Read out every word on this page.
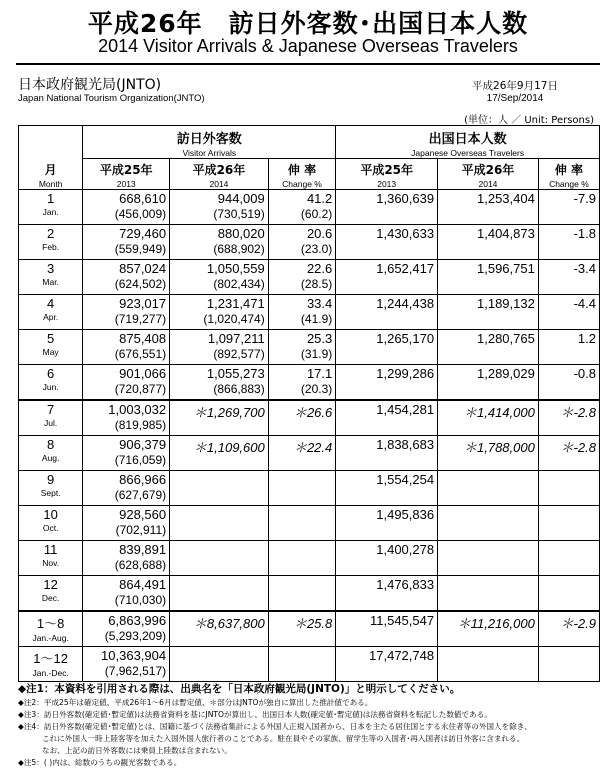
平成26年　訪日外客数･出国日本人数
2014 Visitor Arrivals & Japanese Overseas Travelers
日本政府観光局(JNTO)
Japan National Tourism Organization(JNTO)
平成26年9月17日
17/Sep/2014
(単位：人 ／ Unit: Persons)

	訪日外客数
Visitor Arrivals			出国日本人数
Japanese Overseas Travelers		

月
Month	平成25年
2013	平成26年
2014	伸 率
Change %	平成25年
2013	平成26年
2014	伸 率
Change %

1
Jan.	668,610
(456,009)	944,009
(730,519)	41.2
(60.2)	1,360,639	1,253,404	-7.9

2
Feb.	729,460
(559,949)	880,020
(688,902)	20.6
(23.0)	1,430,633	1,404,873	-1.8

3
Mar.	857,024
(624,502)	1,050,559
(802,434)	22.6
(28.5)	1,652,417	1,596,751	-3.4

4
Apr.	923,017
(719,277)	1,231,471
(1,020,474)	33.4
(41.9)	1,244,438	1,189,132	-4.4

5
May	875,408
(676,551)	1,097,211
(892,577)	25.3
(31.9)	1,265,170	1,280,765	1.2

6
Jun.	901,066
(720,877)	1,055,273
(866,883)	17.1
(20.3)	1,299,286	1,289,029	-0.8

7
Jul.	1,003,032
(819,985)	＊1,269,700	＊26.6	1,454,281	＊1,414,000	＊-2.8

8
Aug.	906,379
(716,059)	＊1,109,600	＊22.4	1,838,683	＊1,788,000	＊-2.8

9
Sept.	866,966
(627,679)			1,554,254		

10
Oct.	928,560
(702,911)			1,495,836		

11
Nov.	839,891
(628,688)			1,400,278		

12
Dec.	864,491
(710,030)			1,476,833		

1～8
Jan.-Aug.	6,863,996
(5,293,209)	＊8,637,800	＊25.8	11,545,547	＊11,216,000	＊-2.9

1～12
Jan.-Dec.	10,363,904
(7,962,517)			17,472,748		

◆注1：本資料を引用される際は、出典名を「日本政府観光局(JNTO)」と明示してください。
◆注2：平成25年は確定値、平成26年1～6月は暫定値、＊部分はJNTOが独自に算出した推計値である。
◆注3：訪日外客数(確定値･暫定値)は法務省資料を基にJNTOが算出し、出国日本人数(確定値･暫定値)は法務省資料を転記した数値である。
◆注4：訪日外客数(確定値･暫定値)とは、国籍に基づく法務省集計による外国人正規入国者から、日本を主たる居住国とする永住者等の外国人を除き、
これに外国人一時上陸客等を加えた入国外国人旅行者のことである。駐在員やその家族、留学生等の入国者･再入国者は訪日外客に含まれる。
なお、上記の訪日外客数には乗員上陸数は含まれない。
◆注5：( )内は、総数のうちの観光客数である。
